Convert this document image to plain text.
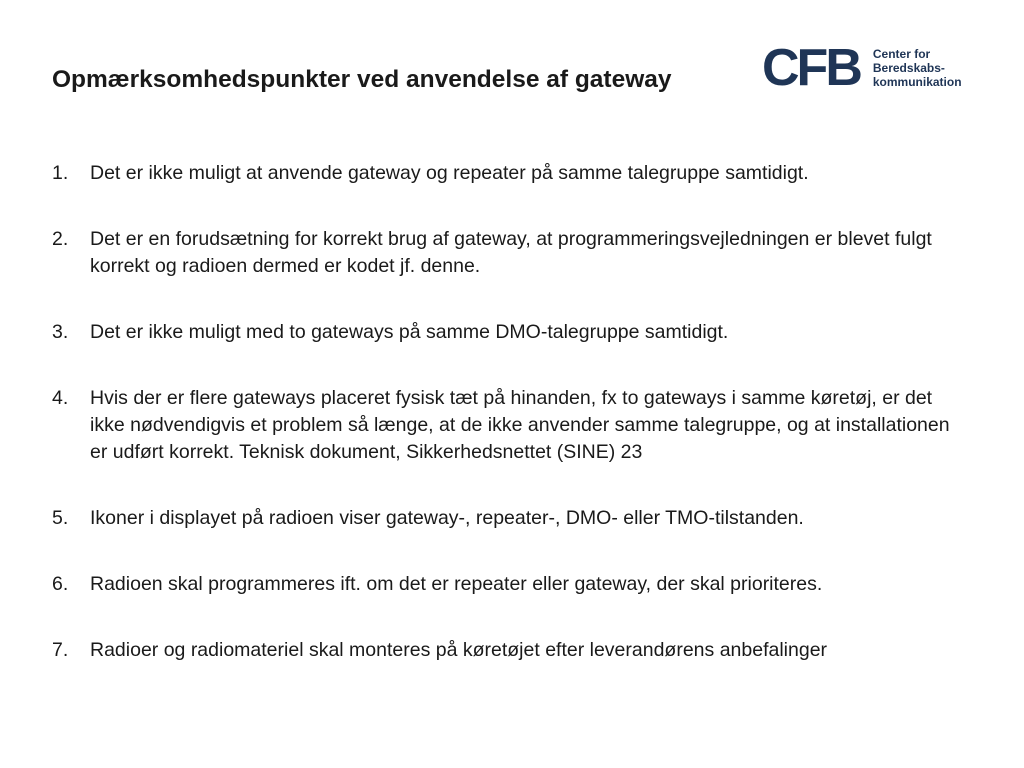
Opmærksomhedspunkter ved anvendelse af gateway	CFB Center for
Beredskabs-
kommunikation
1. Det er ikke muligt at anvende gateway og repeater på samme talegruppe samtidigt.
2. Det er en forudsætning for korrekt brug af gateway, at programmeringsvejledningen er blevet fulgt korrekt og radioen dermed er kodet jf. denne.
3. Det er ikke muligt med to gateways på samme DMO-talegruppe samtidigt.
4. Hvis der er flere gateways placeret fysisk tæt på hinanden, fx to gateways i samme køretøj, er det ikke nødvendigvis et problem så længe, at de ikke anvender samme talegruppe, og at installationen er udført korrekt. Teknisk dokument, Sikkerhedsnettet (SINE) 23
5. Ikoner i displayet på radioen viser gateway-, repeater-, DMO- eller TMO-tilstanden.
6. Radioen skal programmeres ift. om det er repeater eller gateway, der skal prioriteres.
7. Radioer og radiomateriel skal monteres på køretøjet efter leverandørens anbefalinger
